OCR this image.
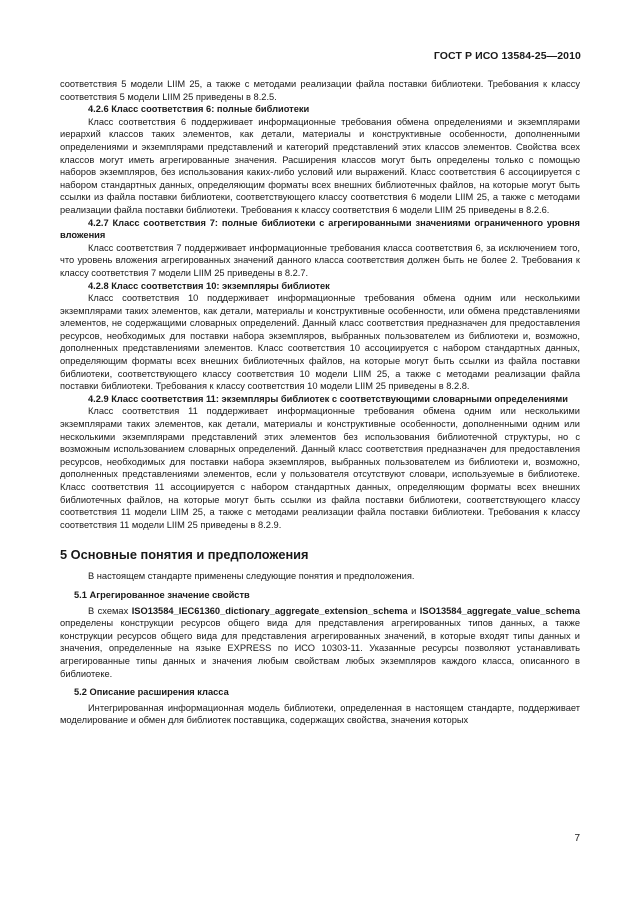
ГОСТ Р ИСО 13584-25—2010

соответствия 5 модели LIIM 25, а также с методами реализации файла поставки библиотеки. Требования к классу соответствия 5 модели LIIM 25 приведены в 8.2.5.

4.2.6 Класс соответствия 6: полные библиотеки

Класс соответствия 6 поддерживает информационные требования обмена определениями и экземплярами иерархий классов таких элементов, как детали, материалы и конструктивные особенности, дополненными определениями и экземплярами представлений и категорий представлений этих классов элементов. Свойства всех классов могут иметь агрегированные значения. Расширения классов могут быть определены только с помощью наборов экземпляров, без использования каких-либо условий или выражений. Класс соответствия 6 ассоциируется с набором стандартных данных, определяющим форматы всех внешних библиотечных файлов, на которые могут быть ссылки из файла поставки библиотеки, соответствующего классу соответствия 6 модели LIIM 25, а также с методами реализации файла поставки библиотеки. Требования к классу соответствия 6 модели LIIM 25 приведены в 8.2.6.

4.2.7 Класс соответствия 7: полные библиотеки с агрегированными значениями ограниченного уровня вложения

Класс соответствия 7 поддерживает информационные требования класса соответствия 6, за исключением того, что уровень вложения агрегированных значений данного класса соответствия должен быть не более 2. Требования к классу соответствия 7 модели LIIM 25 приведены в 8.2.7.

4.2.8 Класс соответствия 10: экземпляры библиотек

Класс соответствия 10 поддерживает информационные требования обмена одним или несколькими экземплярами таких элементов, как детали, материалы и конструктивные особенности, или обмена представлениями элементов, не содержащими словарных определений. Данный класс соответствия предназначен для предоставления ресурсов, необходимых для поставки набора экземпляров, выбранных пользователем из библиотеки и, возможно, дополненных представлениями элементов. Класс соответствия 10 ассоциируется с набором стандартных данных, определяющим форматы всех внешних библиотечных файлов, на которые могут быть ссылки из файла поставки библиотеки, соответствующего классу соответствия 10 модели LIIM 25, а также с методами реализации файла поставки библиотеки. Требования к классу соответствия 10 модели LIIM 25 приведены в 8.2.8.

4.2.9 Класс соответствия 11: экземпляры библиотек с соответствующими словарными определениями

Класс соответствия 11 поддерживает информационные требования обмена одним или несколькими экземплярами таких элементов, как детали, материалы и конструктивные особенности, дополненными одним или несколькими экземплярами представлений этих элементов без использования библиотечной структуры, но с возможным использованием словарных определений. Данный класс соответствия предназначен для предоставления ресурсов, необходимых для поставки набора экземпляров, выбранных пользователем из библиотеки и, возможно, дополненных представлениями элементов, если у пользователя отсутствуют словари, используемые в библиотеке. Класс соответствия 11 ассоциируется с набором стандартных данных, определяющим форматы всех внешних библиотечных файлов, на которые могут быть ссылки из файла поставки библиотеки, соответствующего классу соответствия 11 модели LIIM 25, а также с методами реализации файла поставки библиотеки. Требования к классу соответствия 11 модели LIIM 25 приведены в 8.2.9.

5 Основные понятия и предположения

В настоящем стандарте применены следующие понятия и предположения.

5.1 Агрегированное значение свойств

В схемах ISO13584_IEC61360_dictionary_aggregate_extension_schema и ISO13584_aggregate_value_schema определены конструкции ресурсов общего вида для представления агрегированных типов данных, а также конструкции ресурсов общего вида для представления агрегированных значений, в которые входят типы данных и значения, определенные на языке EXPRESS по ИСО 10303-11. Указанные ресурсы позволяют устанавливать агрегированные типы данных и значения любым свойствам любых экземпляров каждого класса, описанного в библиотеке.

5.2 Описание расширения класса

Интегрированная информационная модель библиотеки, определенная в настоящем стандарте, поддерживает моделирование и обмен для библиотек поставщика, содержащих свойства, значения которых

7
